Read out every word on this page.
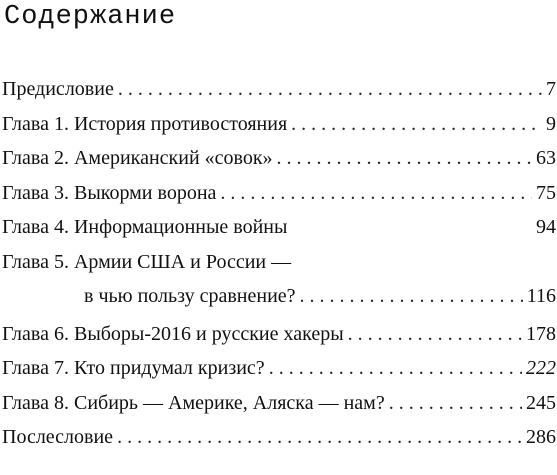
Содержание
Предисловие . . .	7
Глава 1. История противостояния . . .	9
Глава 2. Американский «совок» . . .	63
Глава 3. Выкорми ворона . . .	75
Глава 4. Информационные войны	94
Глава 5. Армии США и России —
в чью пользу сравнение? . . .	116
Глава 6. Выборы-2016 и русские хакеры . . .	178
Глава 7. Кто придумал кризис? . . .	222
Глава 8. Сибирь — Америке, Аляска — нам? . . .	245
Послесловие . . .	286
